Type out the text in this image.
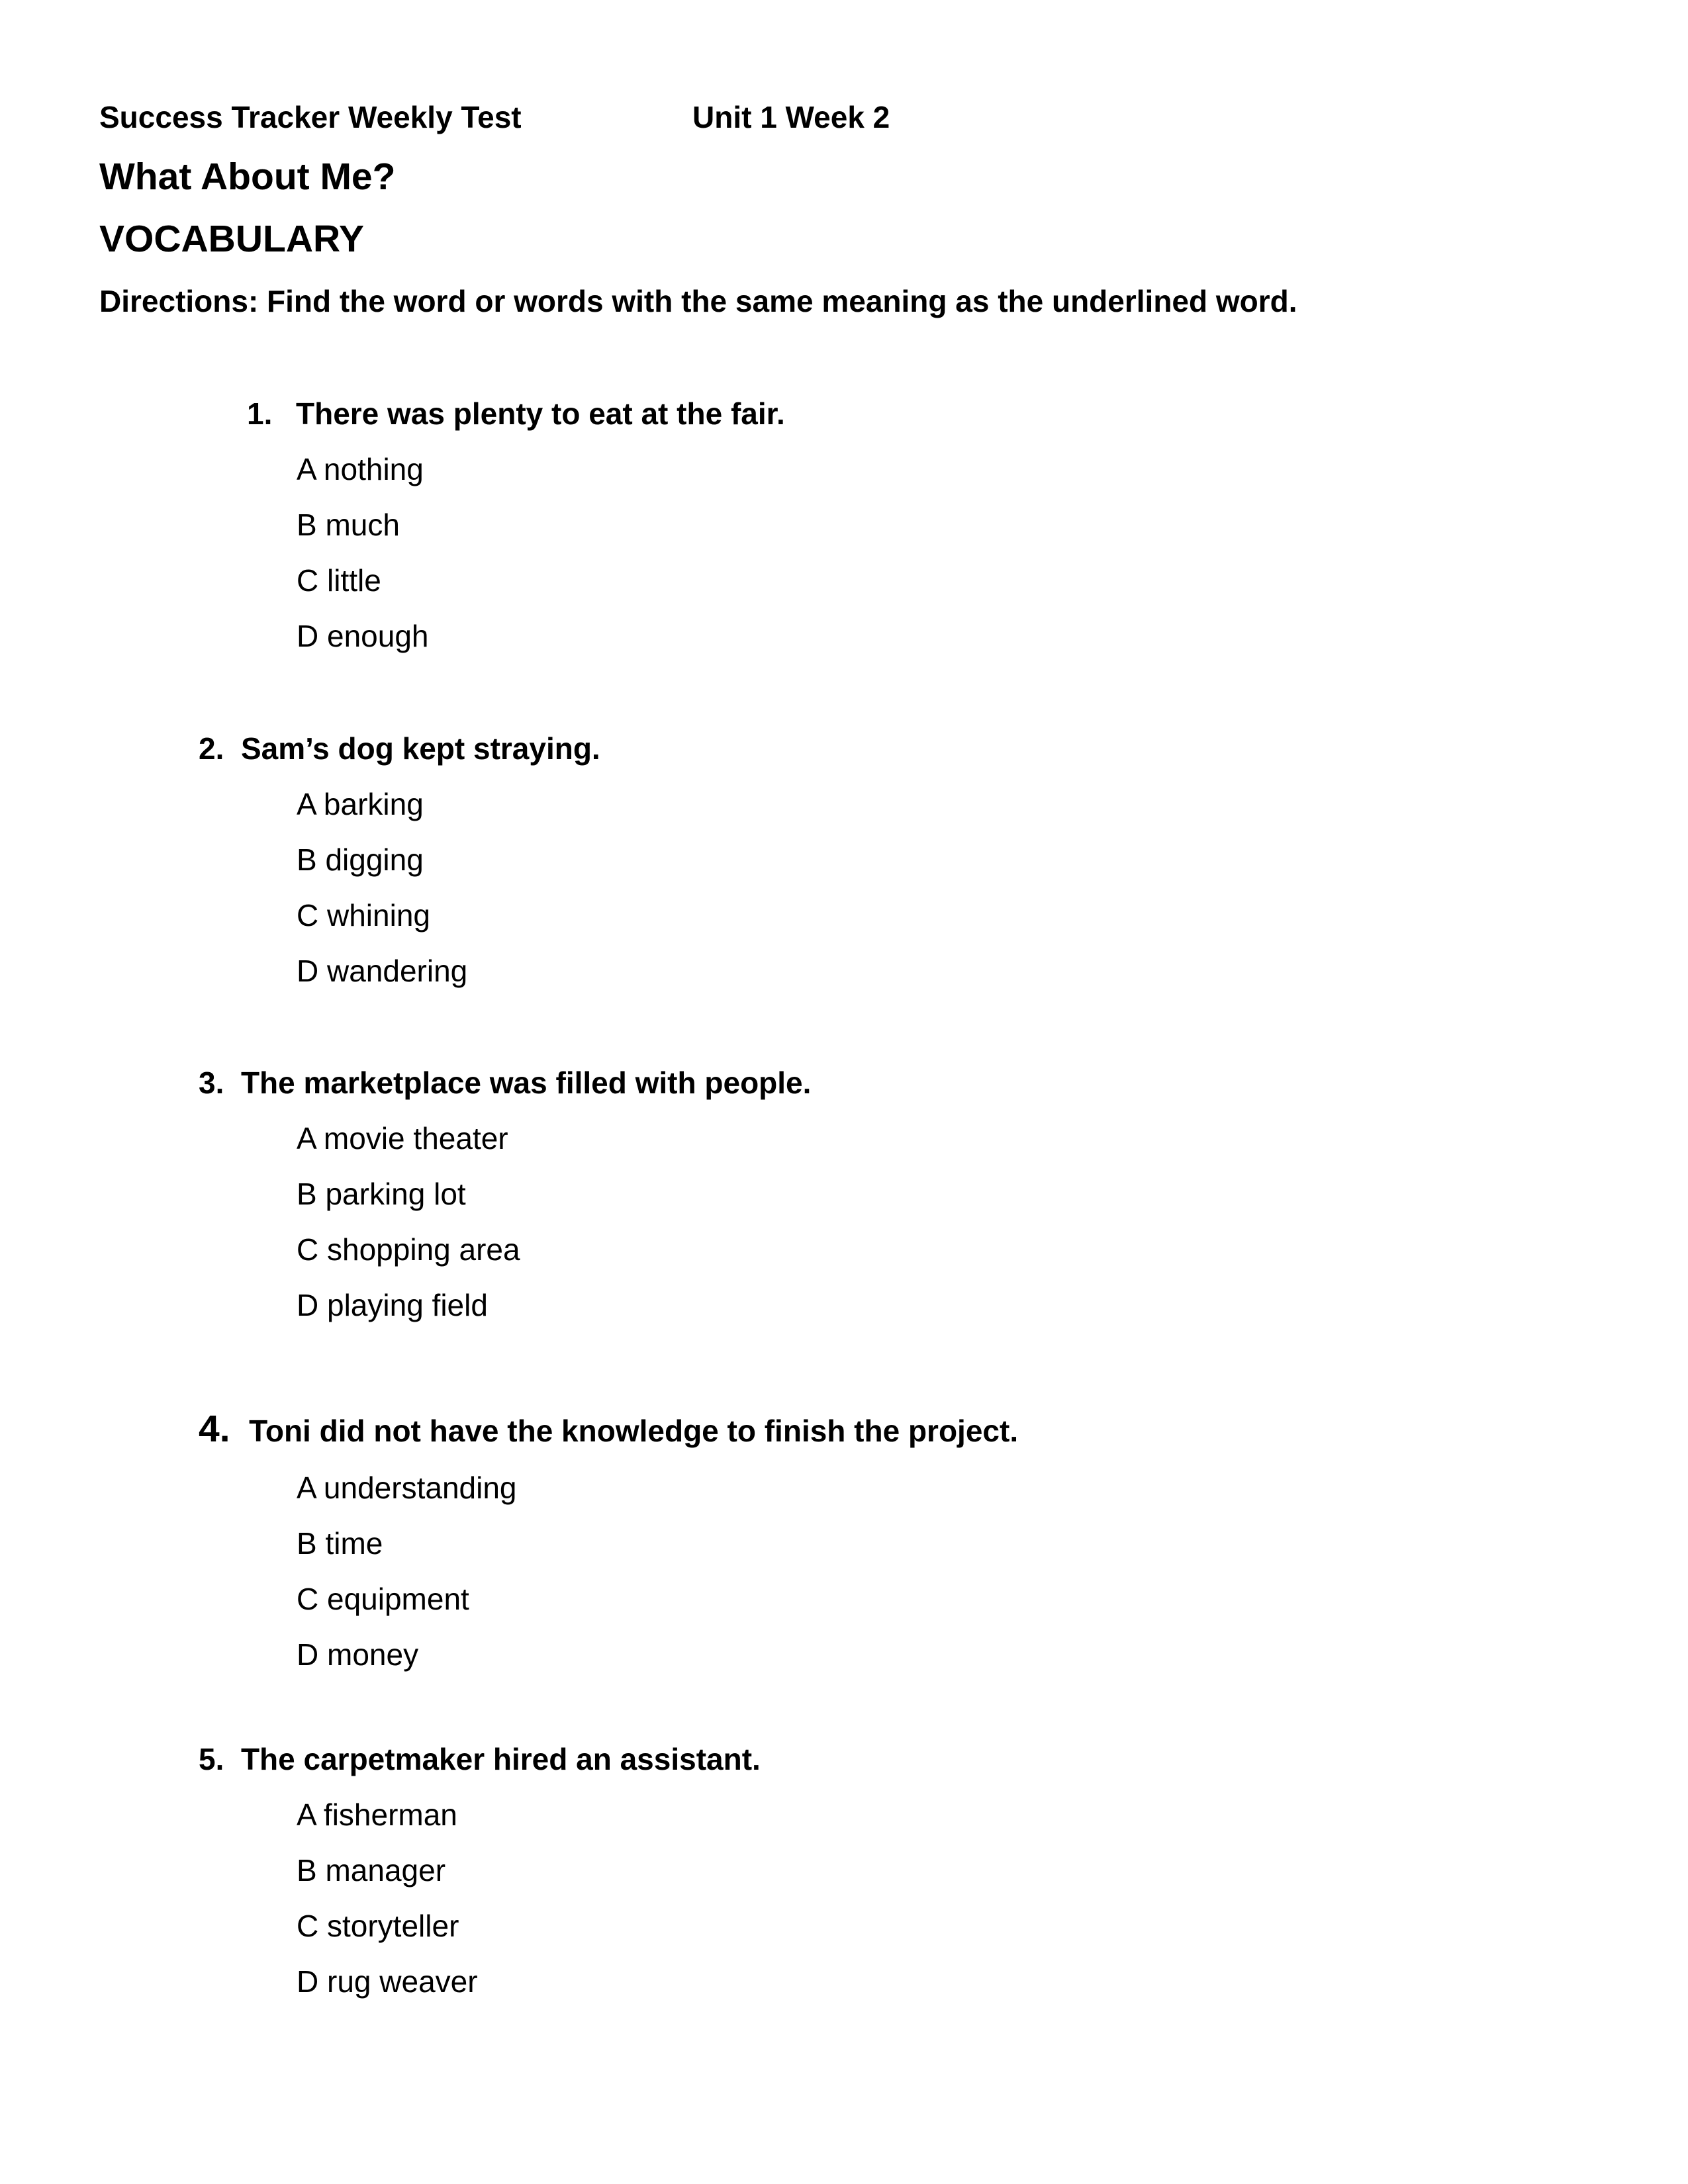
Success Tracker Weekly Test	Unit 1 Week 2
What About Me?
VOCABULARY
Directions: Find the word or words with the same meaning as the underlined word.
1. There was plenty to eat at the fair.
A nothing
B much
C little
D enough
2.  Sam’s dog kept straying.
A barking
B digging
C whining
D wandering
3.  The marketplace was filled with people.
A movie theater
B parking lot
C shopping area
D playing field
4.  Toni did not have the knowledge to finish the project.
A understanding
B time
C equipment
D money
5.  The carpetmaker hired an assistant.
A fisherman
B manager
C storyteller
D rug weaver
